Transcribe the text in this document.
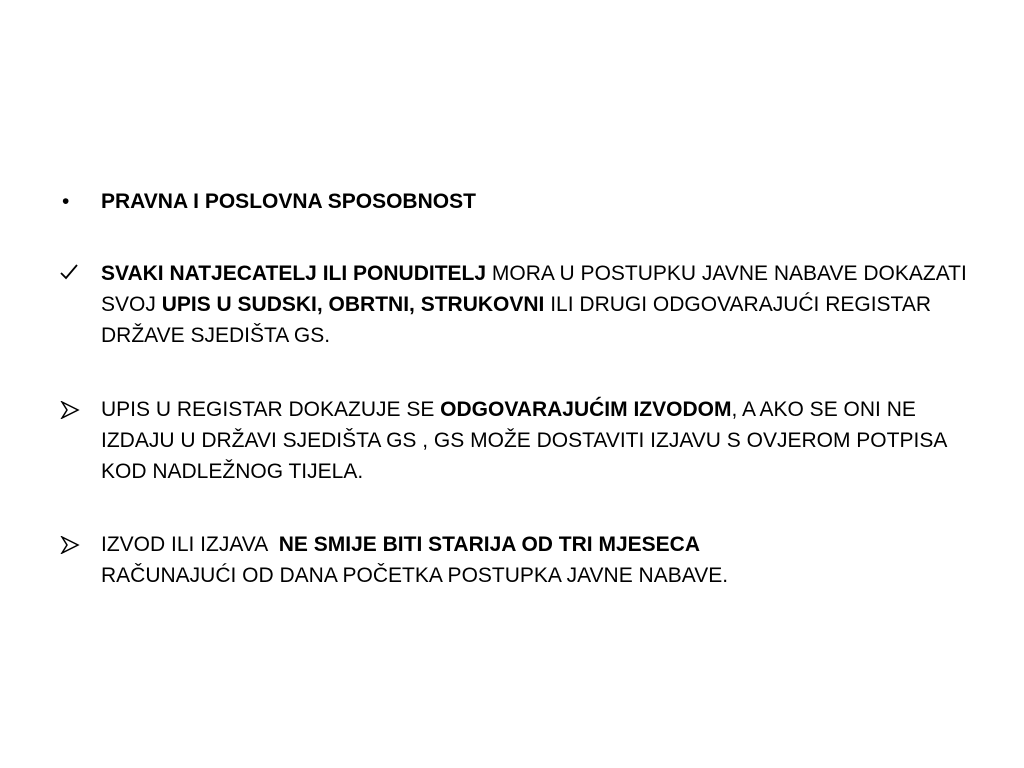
•	PRAVNA I POSLOVNA SPOSOBNOST
SVAKI NATJECATELJ ILI PONUDITELJ MORA U POSTUPKU JAVNE NABAVE DOKAZATI SVOJ UPIS U SUDSKI, OBRTNI, STRUKOVNI ILI DRUGI ODGOVARAJUĆI REGISTAR DRŽAVE SJEDIŠTA GS.
UPIS U REGISTAR DOKAZUJE SE ODGOVARAJUĆIM IZVODOM, A AKO SE ONI NE IZDAJU U DRŽAVI SJEDIŠTA GS , GS MOŽE DOSTAVITI IZJAVU S OVJEROM POTPISA KOD NADLEŽNOG TIJELA.
IZVOD ILI IZJAVA  NE SMIJE BITI STARIJA OD TRI MJESECA
RAČUNAJUĆI OD DANA POČETKA POSTUPKA JAVNE NABAVE.
